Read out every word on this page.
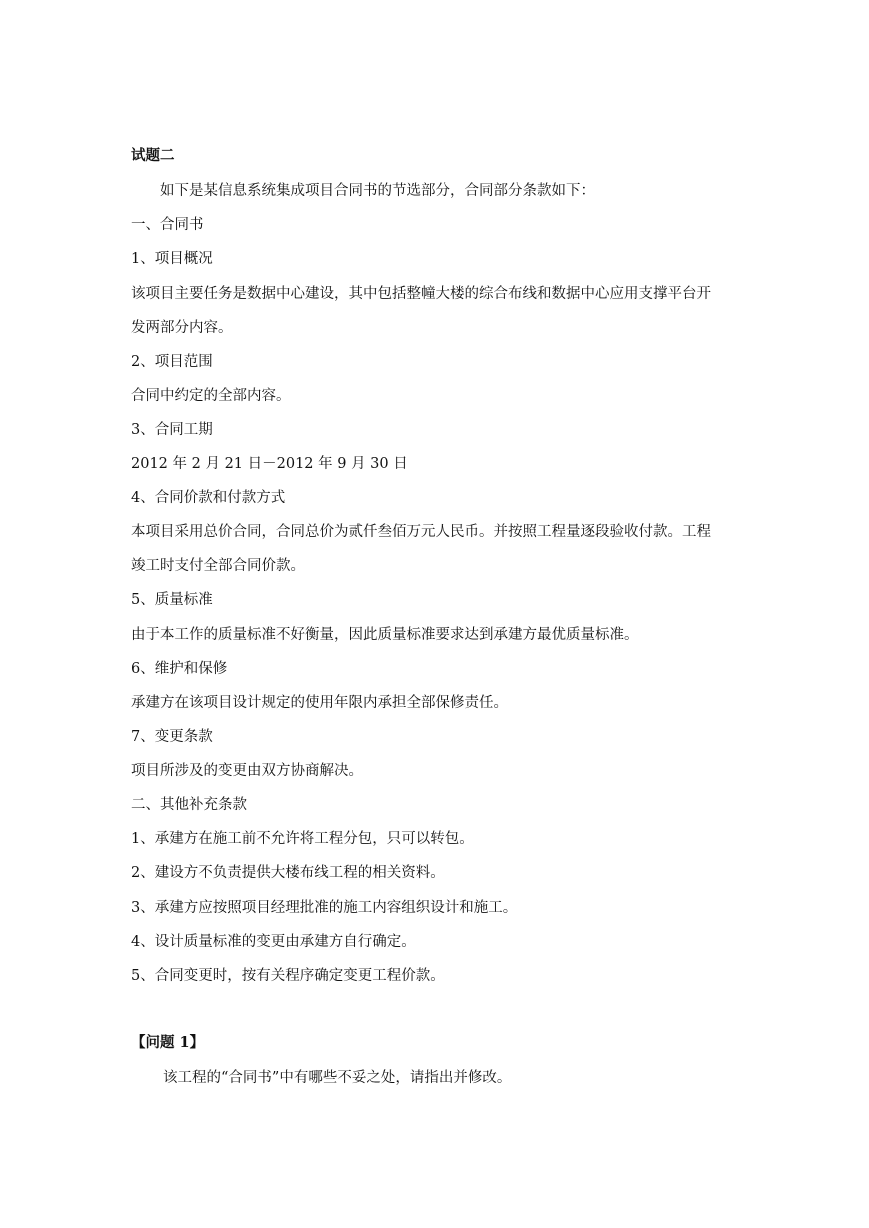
试题二
如下是某信息系统集成项目合同书的节选部分，合同部分条款如下：
一、合同书
1、项目概况
该项目主要任务是数据中心建设，其中包括整幢大楼的综合布线和数据中心应用支撑平台开
发两部分内容。
2、项目范围
合同中约定的全部内容。
3、合同工期
2012 年 2 月 21 日－2012 年 9 月 30 日
4、合同价款和付款方式
本项目采用总价合同，合同总价为贰仟叁佰万元人民币。并按照工程量逐段验收付款。工程
竣工时支付全部合同价款。
5、质量标准
由于本工作的质量标准不好衡量，因此质量标准要求达到承建方最优质量标准。
6、维护和保修
承建方在该项目设计规定的使用年限内承担全部保修责任。
7、变更条款
项目所涉及的变更由双方协商解决。
二、其他补充条款
1、承建方在施工前不允许将工程分包，只可以转包。
2、建设方不负责提供大楼布线工程的相关资料。
3、承建方应按照项目经理批准的施工内容组织设计和施工。
4、设计质量标准的变更由承建方自行确定。
5、合同变更时，按有关程序确定变更工程价款。
【问题 1】
该工程的“合同书”中有哪些不妥之处，请指出并修改。
